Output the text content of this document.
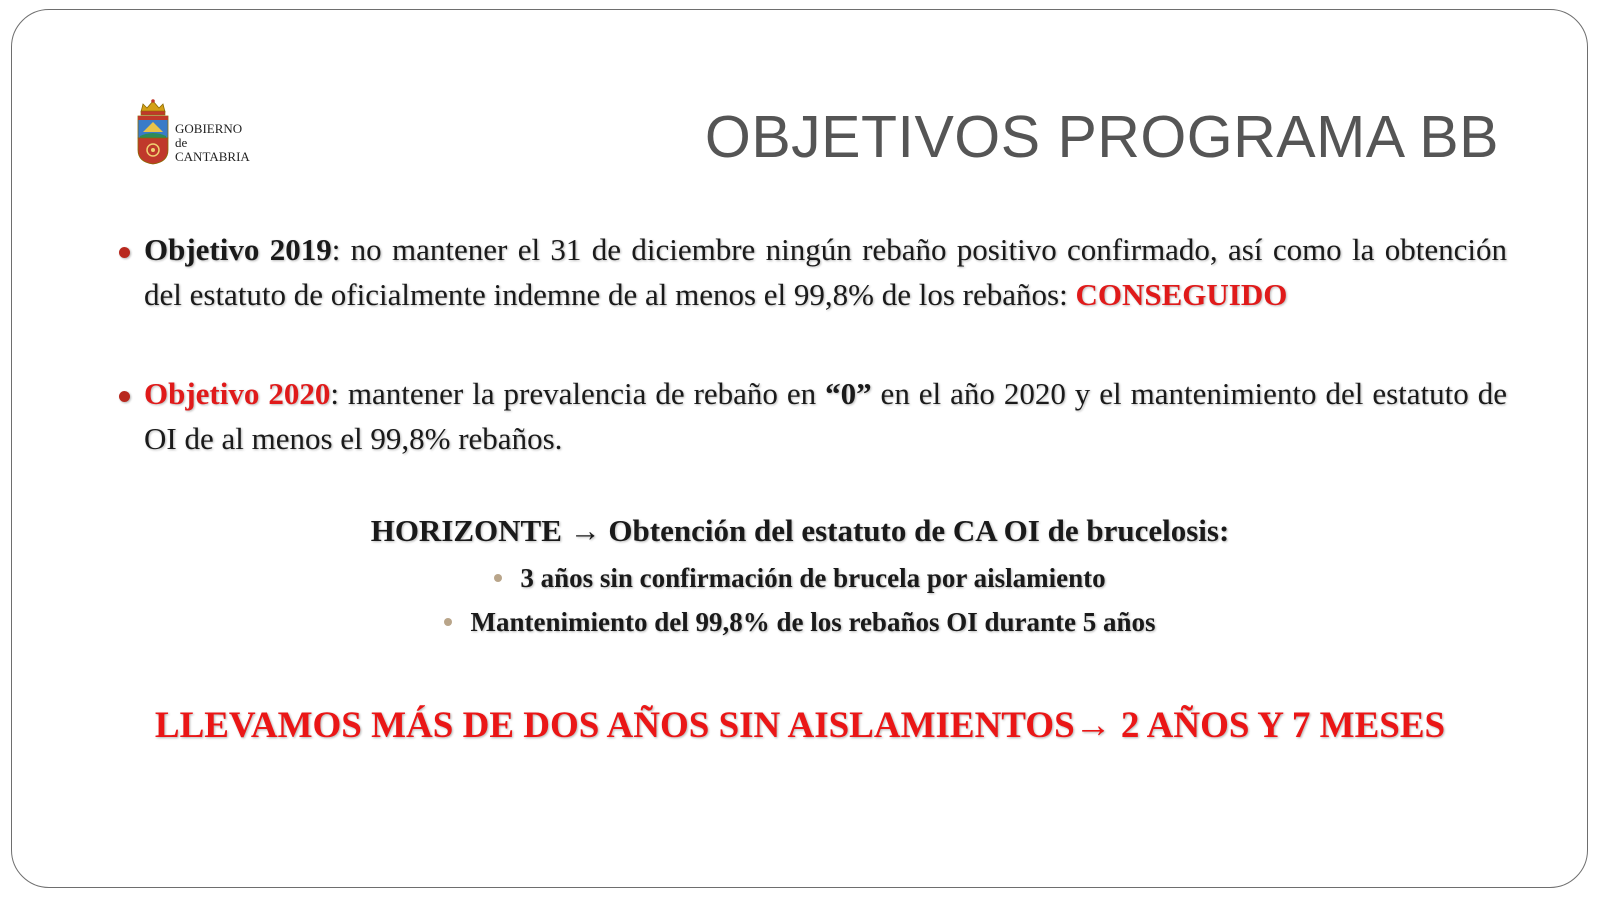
GOBIERNO
de
CANTABRIA	OBJETIVOS PROGRAMA BB
Objetivo 2019: no mantener el 31 de diciembre ningún rebaño positivo confirmado, así como la obtención del estatuto de oficialmente indemne de al menos el 99,8% de los rebaños: CONSEGUIDO
Objetivo 2020: mantener la prevalencia de rebaño en “0” en el año 2020 y el mantenimiento del estatuto de OI de al menos el 99,8% rebaños.
HORIZONTE → Obtención del estatuto de CA OI de brucelosis:
3 años sin confirmación de brucela por aislamiento
Mantenimiento del 99,8% de los rebaños OI durante 5 años
LLEVAMOS MÁS DE DOS AÑOS SIN AISLAMIENTOS→ 2 AÑOS Y 7 MESES
